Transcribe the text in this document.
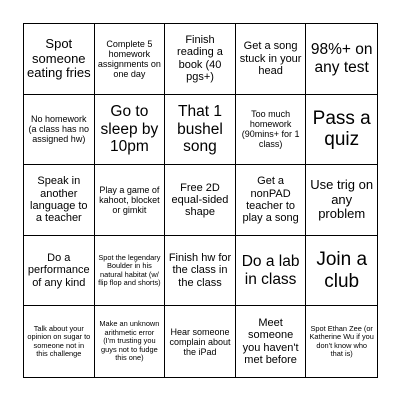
Spot someone eating fries
Complete 5 homework assignments on one day
Finish reading a book (40 pgs+)
Get a song stuck in your head
98%+ on any test
No homework (a class has no assigned hw)
Go to sleep by 10pm
That 1 bushel song
Too much homework (90mins+ for 1 class)
Pass a quiz
Speak in another language to a teacher
Play a game of kahoot, blocket or gimkit
Free 2D equal-sided shape
Get a nonPAD teacher to play a song
Use trig on any problem
Do a performance of any kind
Spot the legendary Boulder in his natural habitat (w/ flip flop and shorts)
Finish hw for the class in the class
Do a lab in class
Join a club
Talk about your opinion on sugar to someone not in this challenge
Make an unknown arithmetic error (I'm trusting you guys not to fudge this one)
Hear someone complain about the iPad
Meet someone you haven't met before
Spot Ethan Zee (or Katherine Wu if you don't know who that is)
